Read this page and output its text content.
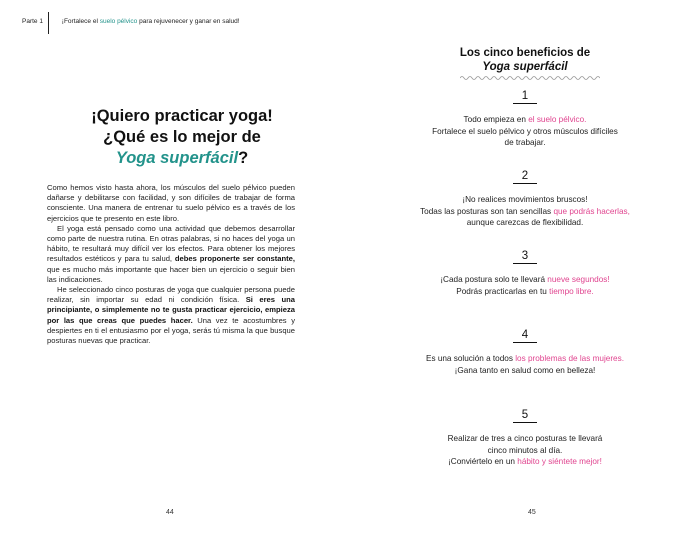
Parte 1	¡Fortalece el suelo pélvico para rejuvenecer y ganar en salud!
¡Quiero practicar yoga!
¿Qué es lo mejor de
Yoga superfácil?

Como hemos visto hasta ahora, los músculos del suelo pélvico pueden dañarse y debilitarse con facilidad, y son difíciles de trabajar de forma consciente. Una manera de entrenar tu suelo pélvico es a través de los ejercicios que te presento en este libro.

El yoga está pensado como una actividad que debemos desarrollar como parte de nuestra rutina. En otras palabras, si no haces del yoga un hábito, te resultará muy difícil ver los efectos. Para obtener los mejores resultados estéticos y para tu salud, debes proponerte ser constante, que es mucho más importante que hacer bien un ejercicio o seguir bien las indicaciones.

He seleccionado cinco posturas de yoga que cualquier persona puede realizar, sin importar su edad ni condición física. Si eres una principiante, o simplemente no te gusta practicar ejercicio, empieza por las que creas que puedes hacer. Una vez te acostumbres y despiertes en ti el entusiasmo por el yoga, serás tú misma la que busque posturas nuevas que practicar.

44
Los cinco beneficios de
Yoga superfácil
1
Todo empieza en el suelo pélvico.
Fortalece el suelo pélvico y otros músculos difíciles
de trabajar.
2
¡No realices movimientos bruscos!
Todas las posturas son tan sencillas que podrás hacerlas,
aunque carezcas de flexibilidad.
3
¡Cada postura solo te llevará nueve segundos!
Podrás practicarlas en tu tiempo libre.
4
Es una solución a todos los problemas de las mujeres.
¡Gana tanto en salud como en belleza!
5
Realizar de tres a cinco posturas te llevará
cinco minutos al día.
¡Conviértelo en un hábito y siéntete mejor!
45
